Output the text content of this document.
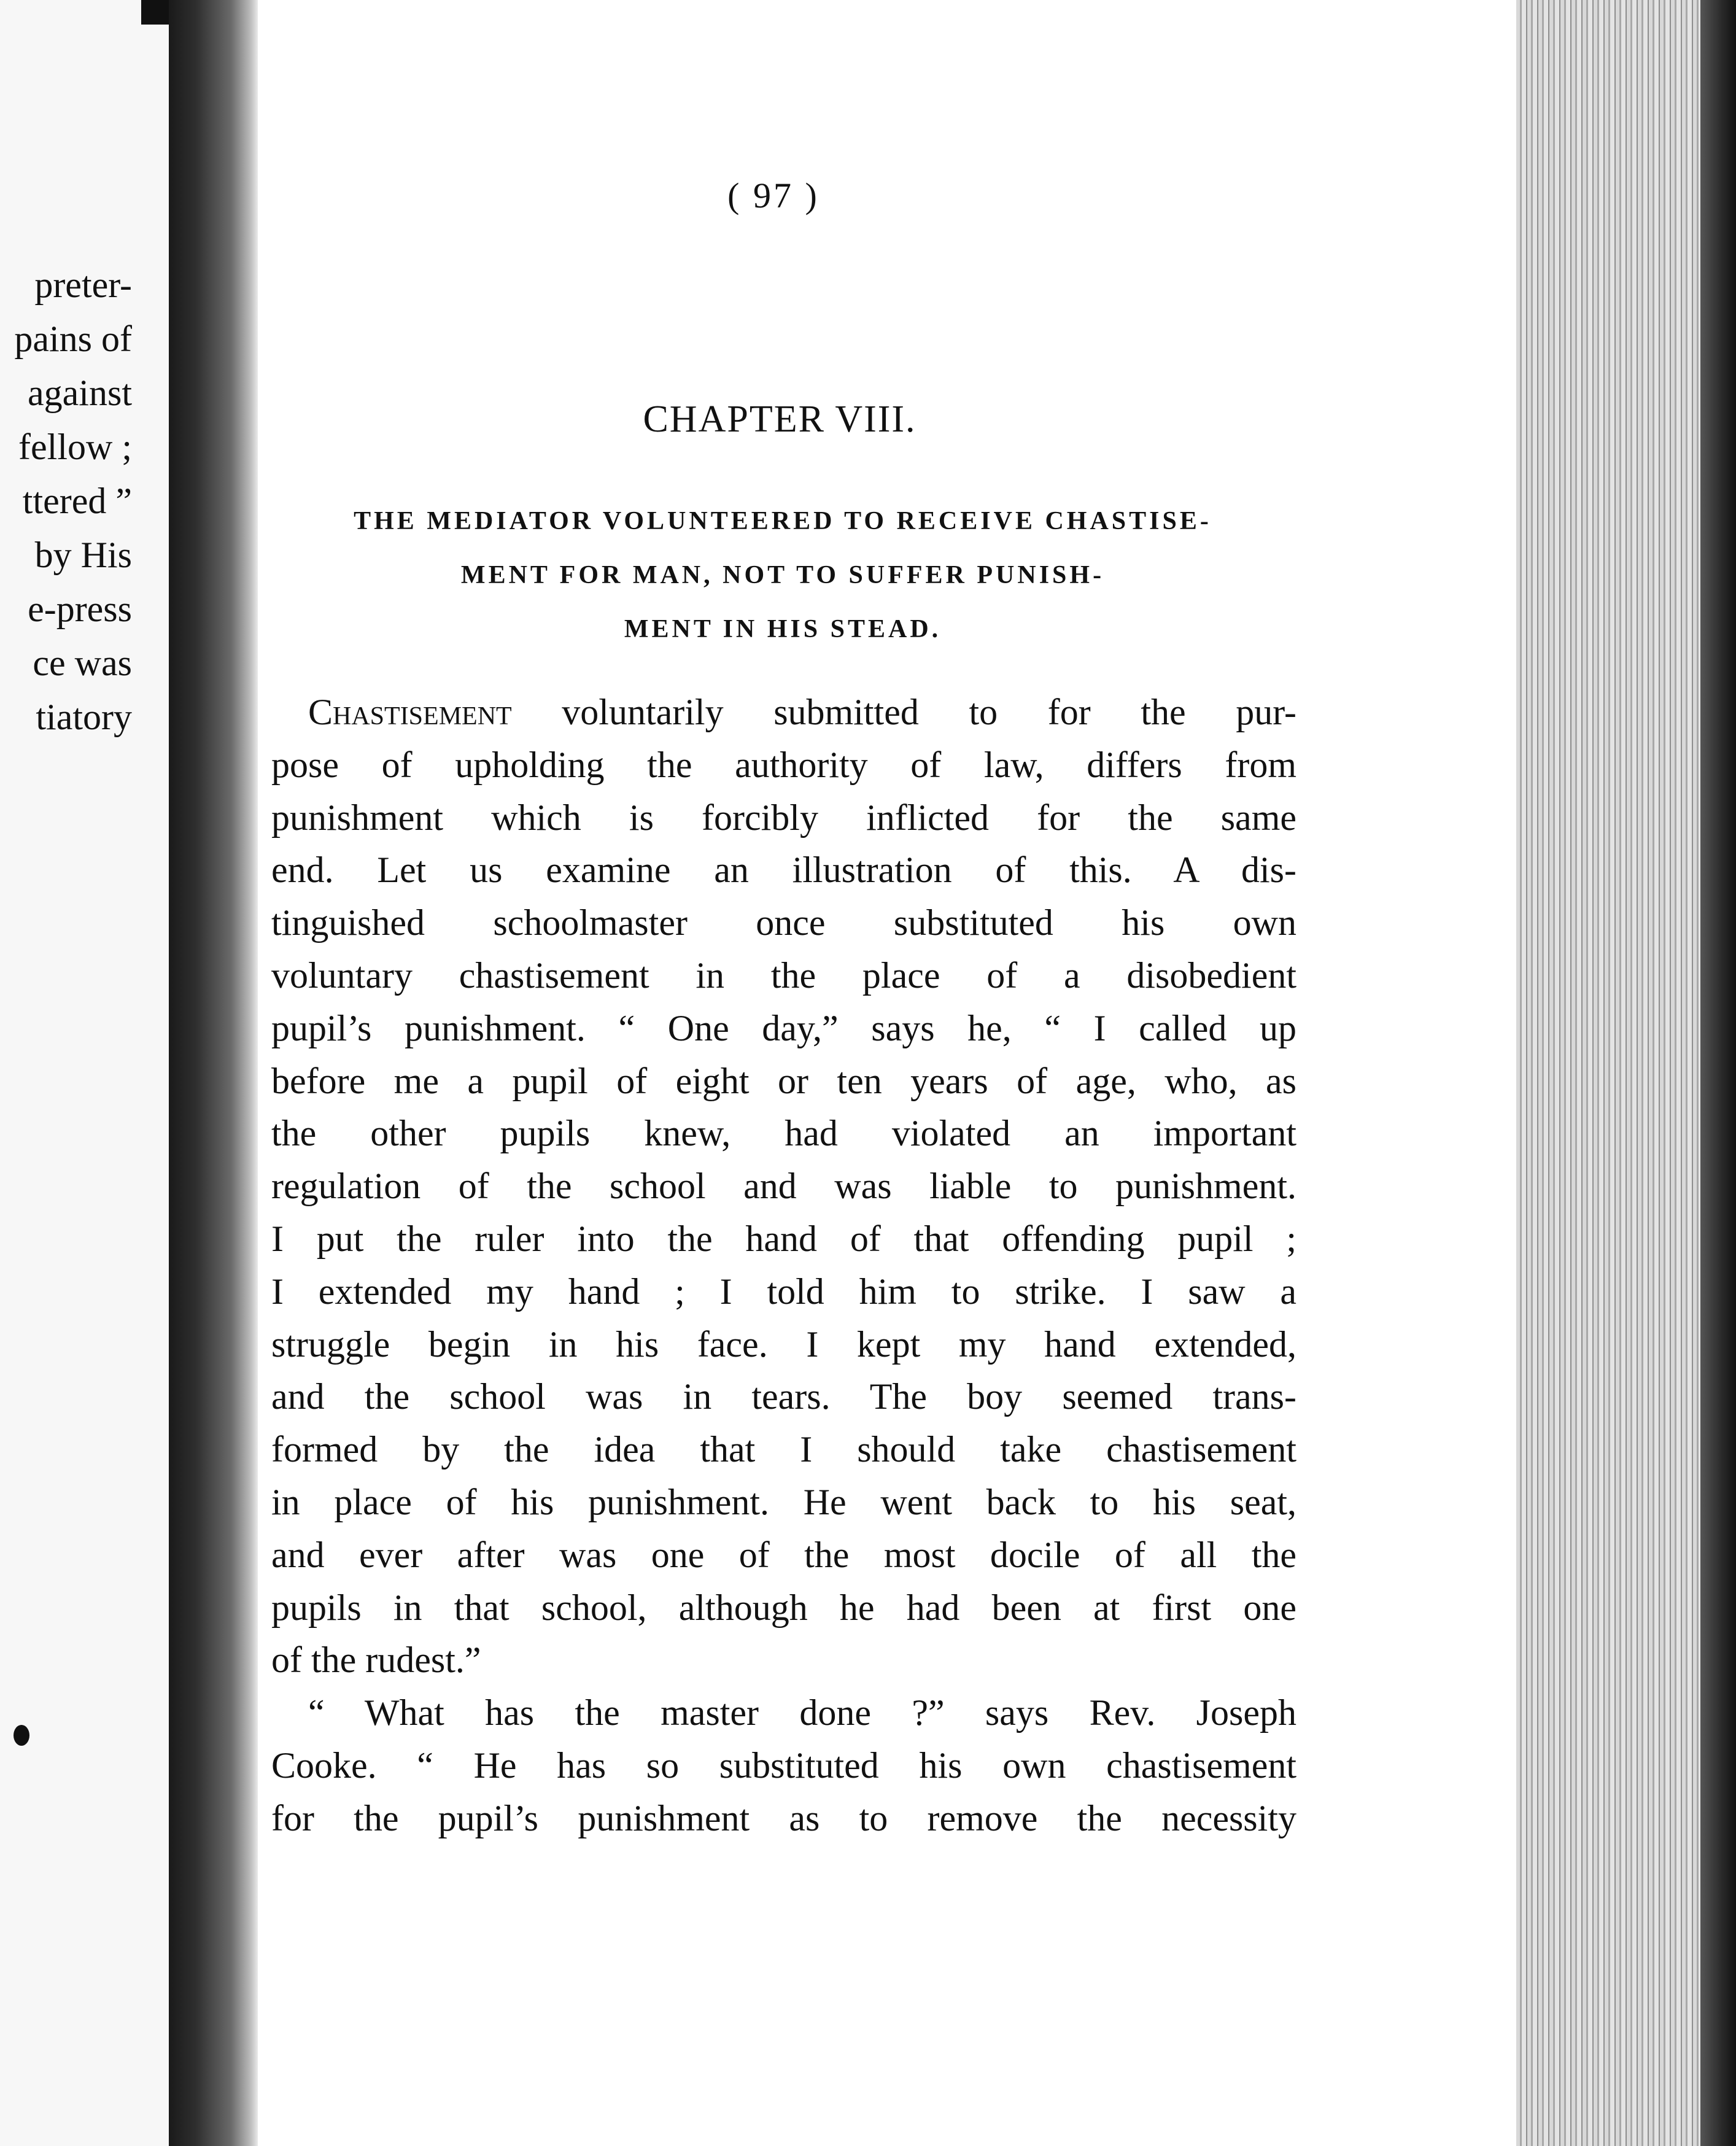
preter-
pains of
against
fellow ;
ttered ”
by His
e-press
ce was
tiatory
( 97 )
CHAPTER VIII.
THE MEDIATOR VOLUNTEERED TO RECEIVE CHASTISE-
MENT FOR MAN, NOT TO SUFFER PUNISH-
MENT IN HIS STEAD.
Chastisement voluntarily submitted to for the pur-
pose of upholding the authority of law, differs from
punishment which is forcibly inflicted for the same
end. Let us examine an illustration of this. A dis-
tinguished schoolmaster once substituted his own
voluntary chastisement in the place of a disobedient
pupil’s punishment. “ One day,” says he, “ I called up
before me a pupil of eight or ten years of age, who, as
the other pupils knew, had violated an important
regulation of the school and was liable to punishment.
I put the ruler into the hand of that offending pupil ;
I extended my hand ; I told him to strike. I saw a
struggle begin in his face. I kept my hand extended,
and the school was in tears. The boy seemed trans-
formed by the idea that I should take chastisement
in place of his punishment. He went back to his seat,
and ever after was one of the most docile of all the
pupils in that school, although he had been at first one
of the rudest.”
“ What has the master done ?” says Rev. Joseph
Cooke. “ He has so substituted his own chastisement
for the pupil’s punishment as to remove the necessity
